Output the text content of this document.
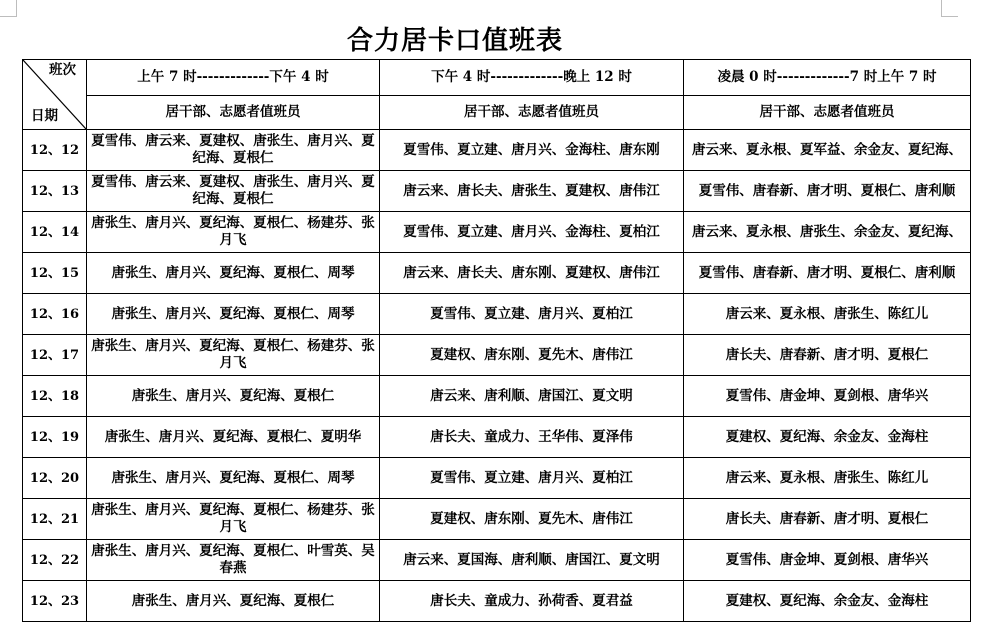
合力居卡口值班表
班次
日期	上午 7 时-------------下午 4 时	下午 4 时-------------晚上 12 时	凌晨 0 时-------------7 时上午 7 时
	居干部、志愿者值班员	居干部、志愿者值班员	居干部、志愿者值班员
12、12	夏雪伟、唐云来、夏建权、唐张生、唐月兴、夏纪海、夏根仁	夏雪伟、夏立建、唐月兴、金海柱、唐东刚	唐云来、夏永根、夏军益、余金友、夏纪海、
12、13	夏雪伟、唐云来、夏建权、唐张生、唐月兴、夏纪海、夏根仁	唐云来、唐长夫、唐张生、夏建权、唐伟江	夏雪伟、唐春新、唐才明、夏根仁、唐利顺
12、14	唐张生、唐月兴、夏纪海、夏根仁、杨建芬、张月飞	夏雪伟、夏立建、唐月兴、金海柱、夏柏江	唐云来、夏永根、唐张生、余金友、夏纪海、
12、15	唐张生、唐月兴、夏纪海、夏根仁、周琴	唐云来、唐长夫、唐东刚、夏建权、唐伟江	夏雪伟、唐春新、唐才明、夏根仁、唐利顺
12、16	唐张生、唐月兴、夏纪海、夏根仁、周琴	夏雪伟、夏立建、唐月兴、夏柏江	唐云来、夏永根、唐张生、陈红儿
12、17	唐张生、唐月兴、夏纪海、夏根仁、杨建芬、张月飞	夏建权、唐东刚、夏先木、唐伟江	唐长夫、唐春新、唐才明、夏根仁
12、18	唐张生、唐月兴、夏纪海、夏根仁	唐云来、唐利顺、唐国江、夏文明	夏雪伟、唐金坤、夏剑根、唐华兴
12、19	唐张生、唐月兴、夏纪海、夏根仁、夏明华	唐长夫、童成力、王华伟、夏泽伟	夏建权、夏纪海、余金友、金海柱
12、20	唐张生、唐月兴、夏纪海、夏根仁、周琴	夏雪伟、夏立建、唐月兴、夏柏江	唐云来、夏永根、唐张生、陈红儿
12、21	唐张生、唐月兴、夏纪海、夏根仁、杨建芬、张月飞	夏建权、唐东刚、夏先木、唐伟江	唐长夫、唐春新、唐才明、夏根仁
12、22	唐张生、唐月兴、夏纪海、夏根仁、叶雪英、吴春燕	唐云来、夏国海、唐利顺、唐国江、夏文明	夏雪伟、唐金坤、夏剑根、唐华兴
12、23	唐张生、唐月兴、夏纪海、夏根仁	唐长夫、童成力、孙荷香、夏君益	夏建权、夏纪海、余金友、金海柱
